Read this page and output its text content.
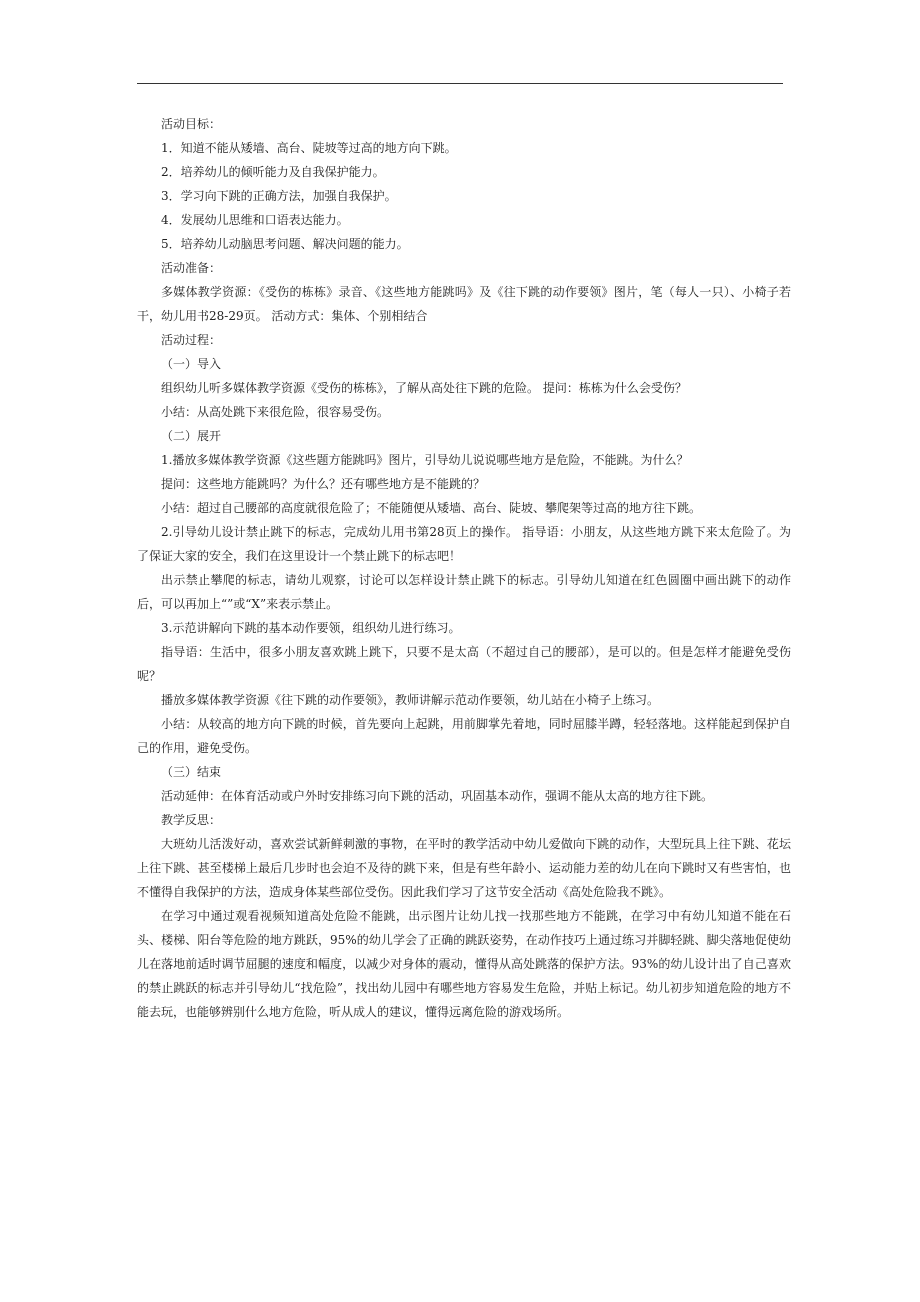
活动目标：

1．知道不能从矮墙、高台、陡坡等过高的地方向下跳。

2．培养幼儿的倾听能力及自我保护能力。

3．学习向下跳的正确方法，加强自我保护。

4．发展幼儿思维和口语表达能力。

5．培养幼儿动脑思考问题、解决问题的能力。

活动准备：

多媒体教学资源：《受伤的栋栋》录音、《这些地方能跳吗》及《往下跳的动作要领》图片，笔（每人一只）、小椅子若干，幼儿用书28-29页。 活动方式：集体、个别相结合

活动过程：

（一）导入

组织幼儿听多媒体教学资源《受伤的栋栋》，了解从高处往下跳的危险。 提问：栋栋为什么会受伤？

小结：从高处跳下来很危险，很容易受伤。

（二）展开

1.播放多媒体教学资源《这些题方能跳吗》图片，引导幼儿说说哪些地方是危险，不能跳。为什么？

提问：这些地方能跳吗？为什么？还有哪些地方是不能跳的？

小结：超过自己腰部的高度就很危险了；不能随便从矮墙、高台、陡坡、攀爬架等过高的地方往下跳。

2.引导幼儿设计禁止跳下的标志，完成幼儿用书第28页上的操作。 指导语：小朋友，从这些地方跳下来太危险了。为了保证大家的安全，我们在这里设计一个禁止跳下的标志吧！

出示禁止攀爬的标志，请幼儿观察，讨论可以怎样设计禁止跳下的标志。引导幼儿知道在红色圆圈中画出跳下的动作后，可以再加上“”或“X”来表示禁止。

3.示范讲解向下跳的基本动作要领，组织幼儿进行练习。

指导语：生活中，很多小朋友喜欢跳上跳下，只要不是太高（不超过自己的腰部），是可以的。但是怎样才能避免受伤呢？

播放多媒体教学资源《往下跳的动作要领》，教师讲解示范动作要领，幼儿站在小椅子上练习。

小结：从较高的地方向下跳的时候，首先要向上起跳，用前脚掌先着地，同时屈膝半蹲，轻轻落地。这样能起到保护自己的作用，避免受伤。

（三）结束

活动延伸：在体育活动或户外时安排练习向下跳的活动，巩固基本动作，强调不能从太高的地方往下跳。

教学反思：

大班幼儿活泼好动，喜欢尝试新鲜刺激的事物，在平时的教学活动中幼儿爱做向下跳的动作，大型玩具上往下跳、花坛上往下跳、甚至楼梯上最后几步时也会迫不及待的跳下来，但是有些年龄小、运动能力差的幼儿在向下跳时又有些害怕，也不懂得自我保护的方法，造成身体某些部位受伤。因此我们学习了这节安全活动《高处危险我不跳》。

在学习中通过观看视频知道高处危险不能跳，出示图片让幼儿找一找那些地方不能跳，在学习中有幼儿知道不能在石头、楼梯、阳台等危险的地方跳跃，95%的幼儿学会了正确的跳跃姿势，在动作技巧上通过练习并脚轻跳、脚尖落地促使幼儿在落地前适时调节屈腿的速度和幅度，以减少对身体的震动，懂得从高处跳落的保护方法。93%的幼儿设计出了自己喜欢的禁止跳跃的标志并引导幼儿“找危险”，找出幼儿园中有哪些地方容易发生危险，并贴上标记。幼儿初步知道危险的地方不能去玩，也能够辨别什么地方危险，听从成人的建议，懂得远离危险的游戏场所。
